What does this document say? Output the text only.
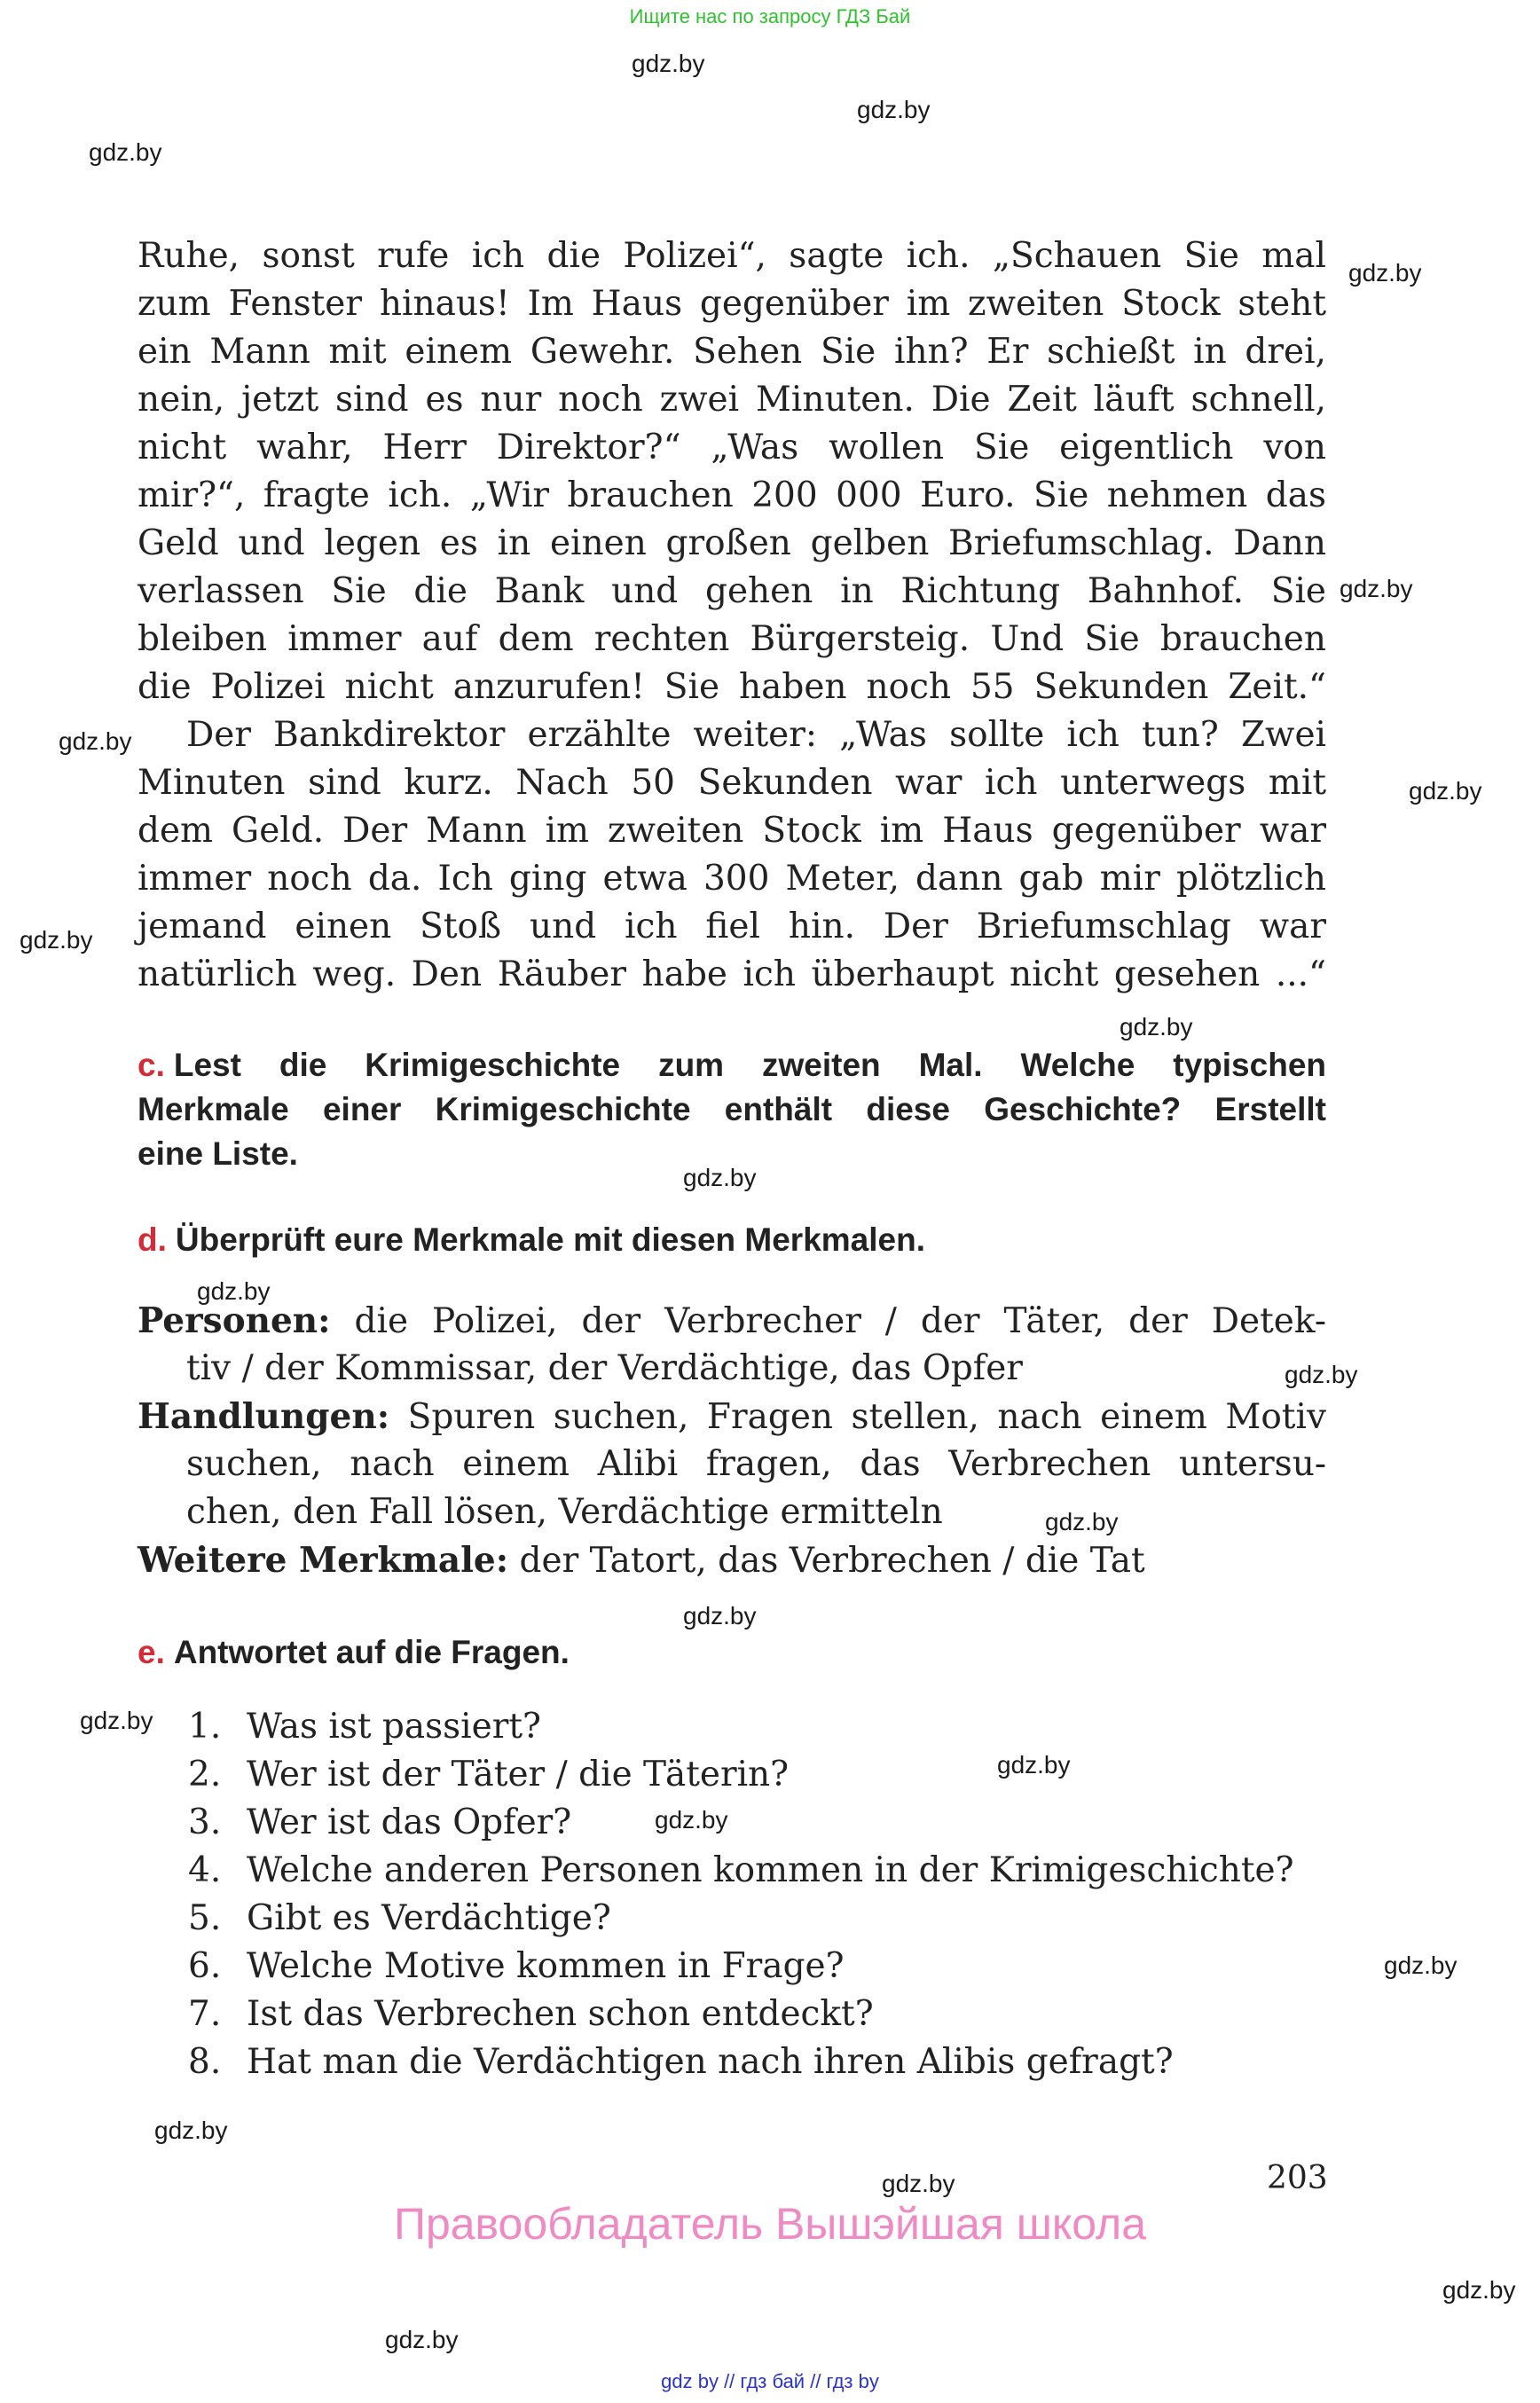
Ищите нас по запросу ГДЗ Бай
gdz.by
gdz.by
gdz.by
gdz.by
gdz.by
gdz.by
gdz.by
gdz.by
gdz.by
gdz.by
gdz.by
gdz.by
gdz.by
gdz.by
gdz.by
gdz.by
gdz.by
gdz.by
gdz.by
gdz.by
gdz.by
gdz.by
Ruhe, sonst rufe ich die Polizei“, sagte ich. „Schauen Sie mal
zum Fenster hinaus! Im Haus gegenüber im zweiten Stock steht
ein Mann mit einem Gewehr. Sehen Sie ihn? Er schießt in drei,
nein, jetzt sind es nur noch zwei Minuten. Die Zeit läuft schnell,
nicht wahr, Herr Direktor?“ „Was wollen Sie eigentlich von
mir?“, fragte ich. „Wir brauchen 200 000 Euro. Sie nehmen das
Geld und legen es in einen großen gelben Briefumschlag. Dann
verlassen Sie die Bank und gehen in Richtung Bahnhof. Sie
bleiben immer auf dem rechten Bürgersteig. Und Sie brauchen
die Polizei nicht anzurufen! Sie haben noch 55 Sekunden Zeit.“
Der Bankdirektor erzählte weiter: „Was sollte ich tun? Zwei
Minuten sind kurz. Nach 50 Sekunden war ich unterwegs mit
dem Geld. Der Mann im zweiten Stock im Haus gegenüber war
immer noch da. Ich ging etwa 300 Meter, dann gab mir plötzlich
jemand einen Stoß und ich fiel hin. Der Briefumschlag war
natürlich weg. Den Räuber habe ich überhaupt nicht gesehen ...“
c. Lest die Krimigeschichte zum zweiten Mal. Welche typischen
Merkmale einer Krimigeschichte enthält diese Geschichte? Erstellt
eine Liste.
d. Überprüft eure Merkmale mit diesen Merkmalen.
Personen: die Polizei, der Verbrecher / der Täter, der Detek-
tiv / der Kommissar, der Verdächtige, das Opfer
Handlungen: Spuren suchen, Fragen stellen, nach einem Motiv
suchen, nach einem Alibi fragen, das Verbrechen untersu-
chen, den Fall lösen, Verdächtige ermitteln
Weitere Merkmale: der Tatort, das Verbrechen / die Tat
e. Antwortet auf die Fragen.
1. Was ist passiert?
2. Wer ist der Täter / die Täterin?
3. Wer ist das Opfer?
4. Welche anderen Personen kommen in der Krimigeschichte?
5. Gibt es Verdächtige?
6. Welche Motive kommen in Frage?
7. Ist das Verbrechen schon entdeckt?
8. Hat man die Verdächtigen nach ihren Alibis gefragt?
203
Правообладатель Вышэйшая школа
gdz by // гдз бай // гдз by
